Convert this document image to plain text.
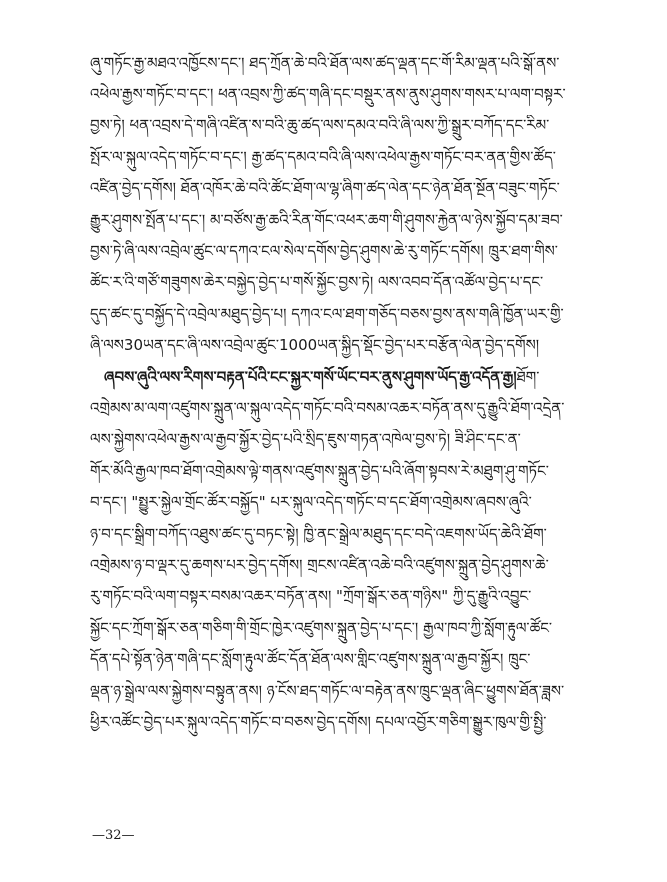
ཞུ་གཏོང་རྒྱ་མཐའ་འཁྱོངས་དང་། ཐད་ཀྲོན་ཆེ་བའི་ཐོན་ལས་ཚད་ལྡན་དང་གོ་རིམ་ལྡན་པའི་སྒོ་ནས་
འཕེལ་རྒྱས་གཏོང་བ་དང་། ཕན་འབྲས་ཀྱི་ཚད་གཞི་དང་བསྡུར་ནས་ནུས་ཤུགས་གསར་པ་ལག་བསྟར་
བྱས་ཏེ། ཕན་འབྲས་དེ་གཞི་འཛིན་ས་བའི་ཆུ་ཚད་ལས་དམའ་བའི་ཞི་ལས་ཀྱི་སྒྲུར་བཀོད་དང་རིམ་
སྤོར་ལ་སྐུལ་འདེད་གཏོང་བ་དང་། རྒྱ་ཚད་དམའ་བའི་ཞི་ལས་འཕེལ་རྒྱས་གཏོང་བར་ནན་གྱིས་ཚོད་
འཛིན་བྱེད་དགོས། ཐོན་འཁོར་ཆེ་བའི་ཚོང་ཐོག་ལ་ལྷ་ཞིག་ཚད་ལེན་དང་ཉེན་ཐོན་སྔོན་བཟུང་གཏོང་
རྒྱུར་ཤུགས་སྤོན་པ་དང་། མ་བཙོས་རྒྱ་ཆའི་རིན་གོང་འཕར་ཆག་གི་ཤུགས་རྐྱེན་ལ་ཉེས་སྐྱོབ་དམ་ཟབ་
བྱས་ཏེ་ཞི་ལས་འབྲེལ་ཚུང་ལ་དཀའ་ངལ་སེལ་དགོས་བྱེད་ཤུགས་ཆེ་རུ་གཏོང་དགོས། ཁྲུར་ཐག་གིས་
ཚོང་ར་འི་གཙོ་གཟུགས་ཆེར་བསྐྱེད་བྱེད་པ་གསོ་སྐྱོང་བྱས་ཏེ། ལས་འབབ་དོན་འཚོལ་བྱེད་པ་དང་
དུད་ཚང་དུ་བསྐྱོད་དེ་འབྲེལ་མཐུད་བྱེད་པ། དཀའ་ངལ་ཐག་གཅོད་བཅས་བྱས་ནས་གཞི་ཁྱོན་ཡར་གྱི་
ཞི་ལས30ཡན་དང་ཞི་ལས་འབྲེལ་ཚུང་1000ཡན་སྐྱིད་སྡོང་བྱེད་པར་བརྩོན་ལེན་བྱེད་དགོས།
ཞབས་ཞུའི་ལས་རིགས་བརྟན་པོའི་ངང་སྐྱར་གསོ་ཡོང་བར་ནུས་ཤུགས་ཡོད་རྒྱ་འདོན་རྒྱ། ཐོག་
འགྲེམས་མ་ལག་འཛུགས་སྐྲུན་ལ་སྐུལ་འདེད་གཏོང་བའི་བསམ་འཆར་བཏོན་ནས་དུ་རྒྱུའི་ཐོག་འདྲེན་
ལས་སྐྱེགས་འཕེལ་རྒྱས་ལ་རྒྱབ་སྐྱོར་བྱེད་པའི་སྲིད་ཇུས་གཏན་འཁེལ་བྱས་ཏེ། ཟི་ཤིང་དང་ན་
གོར་མོའི་རྒྱལ་ཁབ་ཐོག་འགྲེམས་ལྟེ་གནས་འཛུགས་སྐྲུན་བྱེད་པའི་ཞོག་སྟབས་རེ་མཐུག་ཤུ་གཏོང་
བ་དང་། "སྤྱུར་སྐྱེལ་གྲོང་ཚོར་བསྐྱོད" པར་སྐུལ་འདེད་གཏོང་བ་དང་ཐོག་འགྲེམས་ཞབས་ཞུའི་
ཉ་བ་དང་སྒྲིག་བཀོད་འཐུས་ཚང་དུ་བཏང་སྟེ། ཁྱི་ནང་སྒྲེལ་མཐུད་དང་བདེ་འཇགས་ཡོད་ཆེའི་ཐོག་
འགྲེམས་ཉ་བ་ལྡར་དུ་ཆགས་པར་བྱེད་དགོས། གྲངས་འཛིན་འཆེ་བའི་འཛུགས་སྐྲུན་བྱེད་ཤུགས་ཆེ་
རུ་གཏོང་བའི་ལག་བསྟར་བསམ་འཆར་བཏོན་ནས། "ཀྲོག་སྒོར་ཅན་གཉིས" ཀྱི་དུ་རྒྱུའི་འབྱུང་
སྐྱོང་དང་ཀྲོག་སྒོར་ཅན་གཅིག་གི་གྲོང་ཁྱེར་འཛུགས་སྐྲུན་བྱེད་པ་དང་། རྒྱལ་ཁབ་ཀྱི་སློག་རྟུལ་ཚོང་
དོན་དཔེ་སྟོན་ཉེན་གཞི་དང་སློག་རྟུལ་ཚོང་དོན་ཐོན་ལས་གླིང་འཛུགས་སྐྲུན་ལ་རྒྱབ་སྐྱོར། ཁྲུང་
ལྡན་ཉ་སྒྲེལ་ལས་སྐྱེགས་བསྟུན་ནས། ཉ་ངོས་ཐད་གཏོང་ལ་བརྟེན་ནས་ཁྲུང་ལྡན་ཞིང་ཕྱུགས་ཐོན་ཟླས་
ཕྱིར་འཚོང་བྱེད་པར་སྐུལ་འདེད་གཏོང་བ་བཅས་བྱེད་དགོས། དཔལ་འབྱོར་གཅིག་སྒྱུར་ཁུལ་གྱི་སྤྱི་
—32—
